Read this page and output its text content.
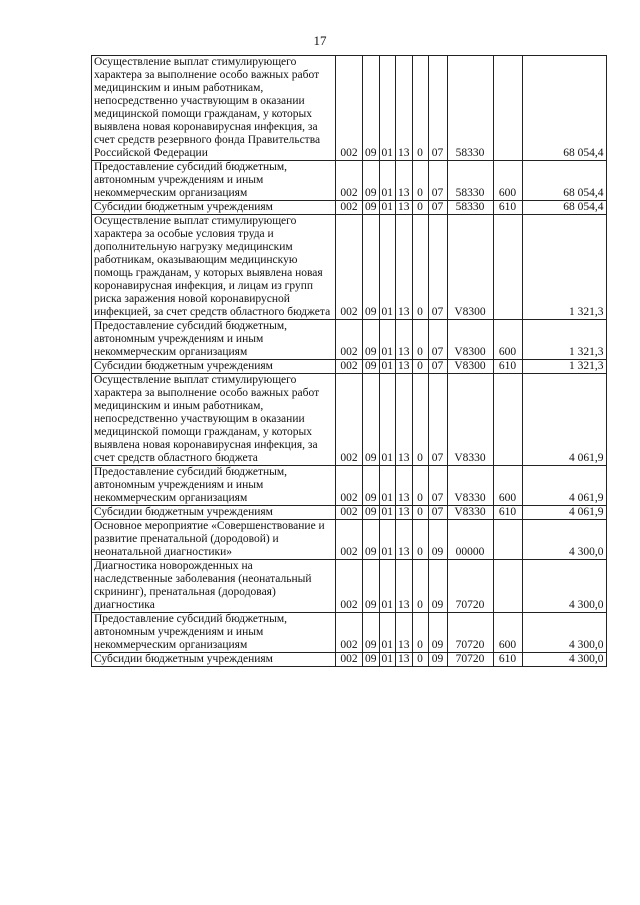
17
Осуществление выплат стимулирующего характера за выполнение особо важных работ медицинским и иным работникам, непосредственно участвующим в оказании медицинской помощи гражданам, у которых выявлена новая коронавирусная инфекция, за счет средств резервного фонда Правительства Российской Федерации	002	09	01	13	0	07	58330		68 054,4
Предоставление субсидий бюджетным, автономным учреждениям и иным некоммерческим организациям	002	09	01	13	0	07	58330	600	68 054,4
Субсидии бюджетным учреждениям	002	09	01	13	0	07	58330	610	68 054,4
Осуществление выплат стимулирующего характера за особые условия труда и дополнительную нагрузку медицинским работникам, оказывающим медицинскую помощь гражданам, у которых выявлена новая коронавирусная инфекция, и лицам из групп риска заражения новой коронавирусной инфекцией, за счет средств областного бюджета	002	09	01	13	0	07	V8300		1 321,3
Предоставление субсидий бюджетным, автономным учреждениям и иным некоммерческим организациям	002	09	01	13	0	07	V8300	600	1 321,3
Субсидии бюджетным учреждениям	002	09	01	13	0	07	V8300	610	1 321,3
Осуществление выплат стимулирующего характера за выполнение особо важных работ медицинским и иным работникам, непосредственно участвующим в оказании медицинской помощи гражданам, у которых выявлена новая коронавирусная инфекция, за счет средств областного бюджета	002	09	01	13	0	07	V8330		4 061,9
Предоставление субсидий бюджетным, автономным учреждениям и иным некоммерческим организациям	002	09	01	13	0	07	V8330	600	4 061,9
Субсидии бюджетным учреждениям	002	09	01	13	0	07	V8330	610	4 061,9
Основное мероприятие «Совершенствование и развитие пренатальной (дородовой) и неонатальной диагностики»	002	09	01	13	0	09	00000		4 300,0
Диагностика новорожденных на наследственные заболевания (неонатальный скрининг), пренатальная (дородовая) диагностика	002	09	01	13	0	09	70720		4 300,0
Предоставление субсидий бюджетным, автономным учреждениям и иным некоммерческим организациям	002	09	01	13	0	09	70720	600	4 300,0
Субсидии бюджетным учреждениям	002	09	01	13	0	09	70720	610	4 300,0
